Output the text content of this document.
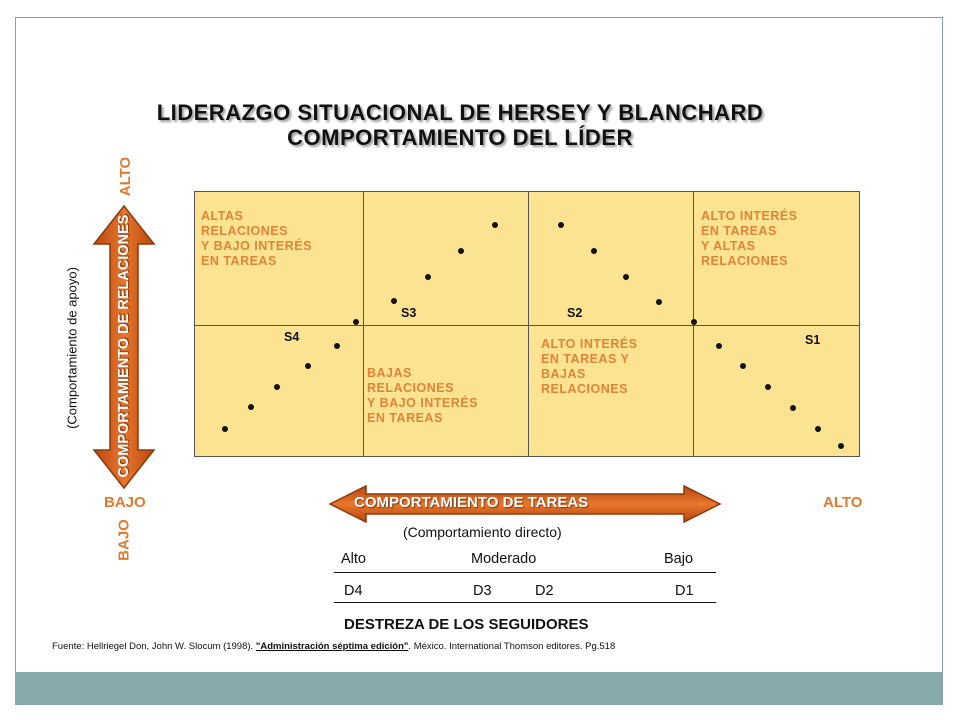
LIDERAZGO SITUACIONAL DE HERSEY Y BLANCHARD
COMPORTAMIENTO DEL LÍDER
ALTO
COMPORTAMIENTO DE RELACIONES
(Comportamiento de apoyo)
BAJO
ALTAS
RELACIONES
Y BAJO INTERÉS
EN TAREAS
ALTO INTERÉS
EN TAREAS
Y ALTAS
RELACIONES
BAJAS
RELACIONES
Y BAJO INTERÉS
EN TAREAS
ALTO INTERÉS
EN TAREAS Y
BAJAS
RELACIONES
S1
S2
S3
S4
BAJO	ALTO
COMPORTAMIENTO DE TAREAS
(Comportamiento directo)
Alto	Moderado	Bajo
D4	D3	D2	D1
DESTREZA DE LOS SEGUIDORES
Fuente: Hellriegel Don, John W. Slocum (1998). "Administración séptima edición". México. International Thomson editores. Pg.518
